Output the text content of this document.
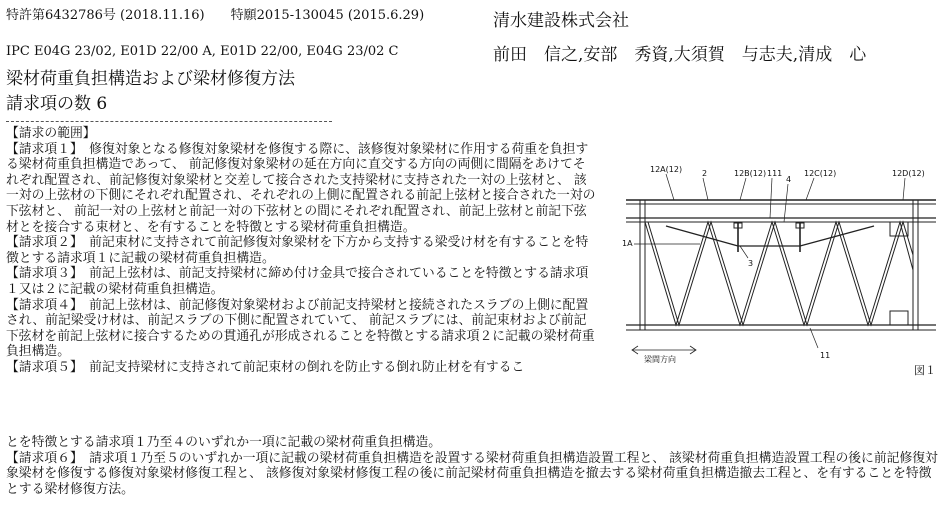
特許第6432786号 (2018.11.16) 特願2015-130045 (2015.6.29)
IPC E04G 23/02, E01D 22/00 A, E01D 22/00, E04G 23/02 C
梁材荷重負担構造および梁材修復方法
請求項の数 6
清水建設株式会社
前田　信之,安部　秀資,大須賀　与志夫,清成　心

【請求の範囲】

【請求項１】　修復対象となる修復対象梁材を修復する際に、該修復対象梁材に作用する荷重を負担する梁材荷重負担構造であって、 前記修復対象梁材の延在方向に直交する方向の両側に間隔をあけてそれぞれ配置され、前記修復対象梁材と交差して接合された支持梁材に支持された一対の上弦材と、 該一対の上弦材の下側にそれぞれ配置され、それぞれの上側に配置される前記上弦材と接合された一対の下弦材と、 前記一対の上弦材と前記一対の下弦材との間にそれぞれ配置され、前記上弦材と前記下弦材とを接合する束材と、を有することを特徴とする梁材荷重負担構造。

【請求項２】　前記束材に支持されて前記修復対象梁材を下方から支持する梁受け材を有することを特徴とする請求項１に記載の梁材荷重負担構造。

【請求項３】　前記上弦材は、前記支持梁材に締め付け金具で接合されていることを特徴とする請求項１又は２に記載の梁材荷重負担構造。

【請求項４】　前記上弦材は、前記修復対象梁材および前記支持梁材と接続されたスラブの上側に配置され、前記梁受け材は、前記スラブの下側に配置されていて、 前記スラブには、前記束材および前記下弦材を前記上弦材に接合するための貫通孔が形成されることを特徴とする請求項２に記載の梁材荷重負担構造。

【請求項５】　前記支持梁材に支持されて前記束材の倒れを防止する倒れ防止材を有するこ

とを特徴とする請求項１乃至４のいずれか一項に記載の梁材荷重負担構造。

【請求項６】　請求項１乃至５のいずれか一項に記載の梁材荷重負担構造を設置する梁材荷重負担構造設置工程と、 該梁材荷重負担構造設置工程の後に前記修復対象梁材を修復する修復対象梁材修復工程と、 該修復対象梁材修復工程の後に前記梁材荷重負担構造を撤去する梁材荷重負担構造撤去工程と、を有することを特徴とする梁材修復方法。

12A(12) 2	12B(12) 111
4
12C(12)	12D(12)
1A
3
11
梁間方向
図１
